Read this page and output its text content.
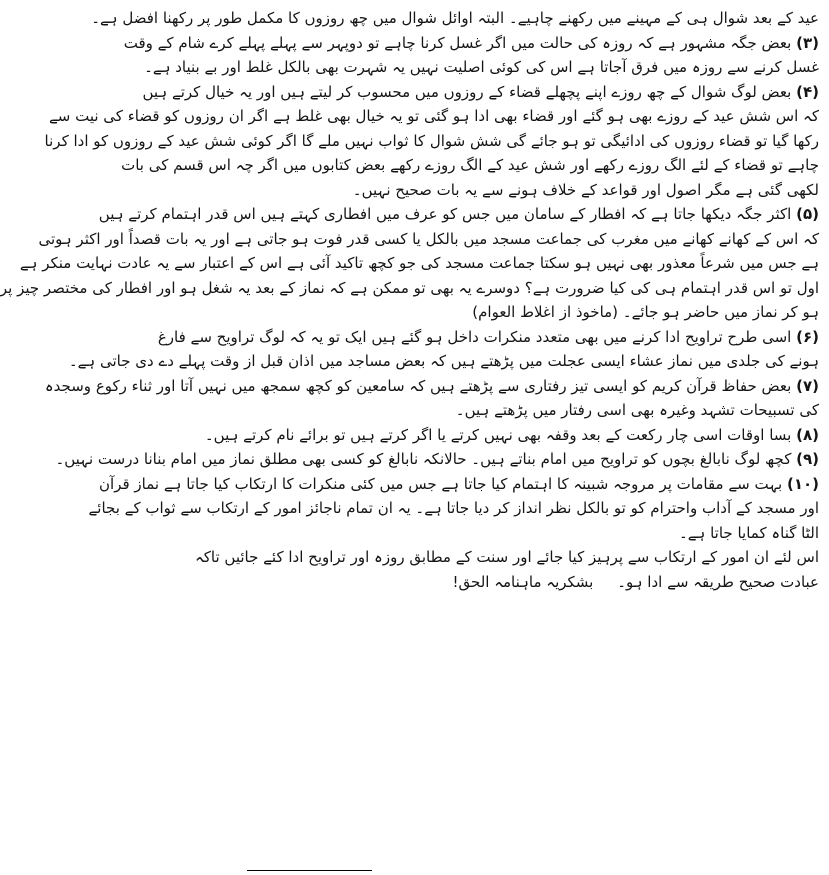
عید کے بعد شوال ہی کے مہینے میں رکھنے چاہیے۔ البتہ اوائل شوال میں چھ روزوں کا مکمل طور پر رکھنا افضل ہے۔
(۳) بعض جگہ مشہور ہے کہ روزہ کی حالت میں اگر غسل کرنا چاہے تو دوپہر سے پہلے پہلے کرے شام کے وقت
غسل کرنے سے روزہ میں فرق آجاتا ہے اس کی کوئی اصلیت نہیں یہ شہرت بھی بالکل غلط اور بے بنیاد ہے۔
(۴) بعض لوگ شوال کے چھ روزے اپنے پچھلے قضاء کے روزوں میں محسوب کر لیتے ہیں اور یہ خیال کرتے ہیں
کہ اس شش عید کے روزے بھی ہو گئے اور قضاء بھی ادا ہو گئی تو یہ خیال بھی غلط ہے اگر ان روزوں کو قضاء کی نیت سے
رکھا گیا تو قضاء روزوں کی ادائیگی تو ہو جائے گی شش شوال کا ثواب نہیں ملے گا اگر کوئی شش عید کے روزوں کو ادا کرنا
چاہے تو قضاء کے لئے الگ روزے رکھے اور شش عید کے الگ روزے رکھے بعض کتابوں میں اگر چہ اس قسم کی بات
لکھی گئی ہے مگر اصول اور قواعد کے خلاف ہونے سے یہ بات صحیح نہیں۔
(۵) اکثر جگہ دیکھا جاتا ہے کہ افطار کے سامان میں جس کو عرف میں افطاری کہتے ہیں اس قدر اہتمام کرتے ہیں
کہ اس کے کھانے کھانے میں مغرب کی جماعت مسجد میں بالکل یا کسی قدر فوت ہو جاتی ہے اور یہ بات قصداً اور اکثر ہوتی
ہے جس میں شرعاً معذور بھی نہیں ہو سکتا جماعت مسجد کی جو کچھ تاکید آئی ہے اس کے اعتبار سے یہ عادت نہایت منکر ہے
اول تو اس قدر اہتمام ہی کی کیا ضرورت ہے؟ دوسرے یہ بھی تو ممکن ہے کہ نماز کے بعد یہ شغل ہو اور افطار کی مختصر چیز پر
ہو کر نماز میں حاضر ہو جائے۔ (ماخوذ از اغلاط العوام)
(۶) اسی طرح تراویح ادا کرنے میں بھی متعدد منکرات داخل ہو گئے ہیں ایک تو یہ کہ لوگ تراویح سے فارغ
ہونے کی جلدی میں نماز عشاء ایسی عجلت میں پڑھتے ہیں کہ بعض مساجد میں اذان قبل از وقت پہلے دے دی جاتی ہے۔
(۷) بعض حفاظ قرآن کریم کو ایسی تیز رفتاری سے پڑھتے ہیں کہ سامعین کو کچھ سمجھ میں نہیں آتا اور ثناء رکوع وسجدہ
کی تسبیحات تشہد وغیرہ بھی اسی رفتار میں پڑھتے ہیں۔
(۸) بسا اوقات اسی چار رکعت کے بعد وقفہ بھی نہیں کرتے یا اگر کرتے ہیں تو برائے نام کرتے ہیں۔
(۹) کچھ لوگ نابالغ بچوں کو تراویح میں امام بناتے ہیں۔ حالانکہ نابالغ کو کسی بھی مطلق نماز میں امام بنانا درست نہیں۔
(۱۰) بہت سے مقامات پر مروجہ شبینہ کا اہتمام کیا جاتا ہے جس میں کئی منکرات کا ارتکاب کیا جاتا ہے نماز قرآن
اور مسجد کے آداب واحترام کو تو بالکل نظر انداز کر دیا جاتا ہے۔ یہ ان تمام ناجائز امور کے ارتکاب سے ثواب کے بجائے
الٹا گناہ کمایا جاتا ہے۔
اس لئے ان امور کے ارتکاب سے پرہیز کیا جائے اور سنت کے مطابق روزہ اور تراویح ادا کئے جائیں تاکہ
عبادت صحیح طریقہ سے ادا ہو۔     بشکریہ ماہنامہ الحق!
